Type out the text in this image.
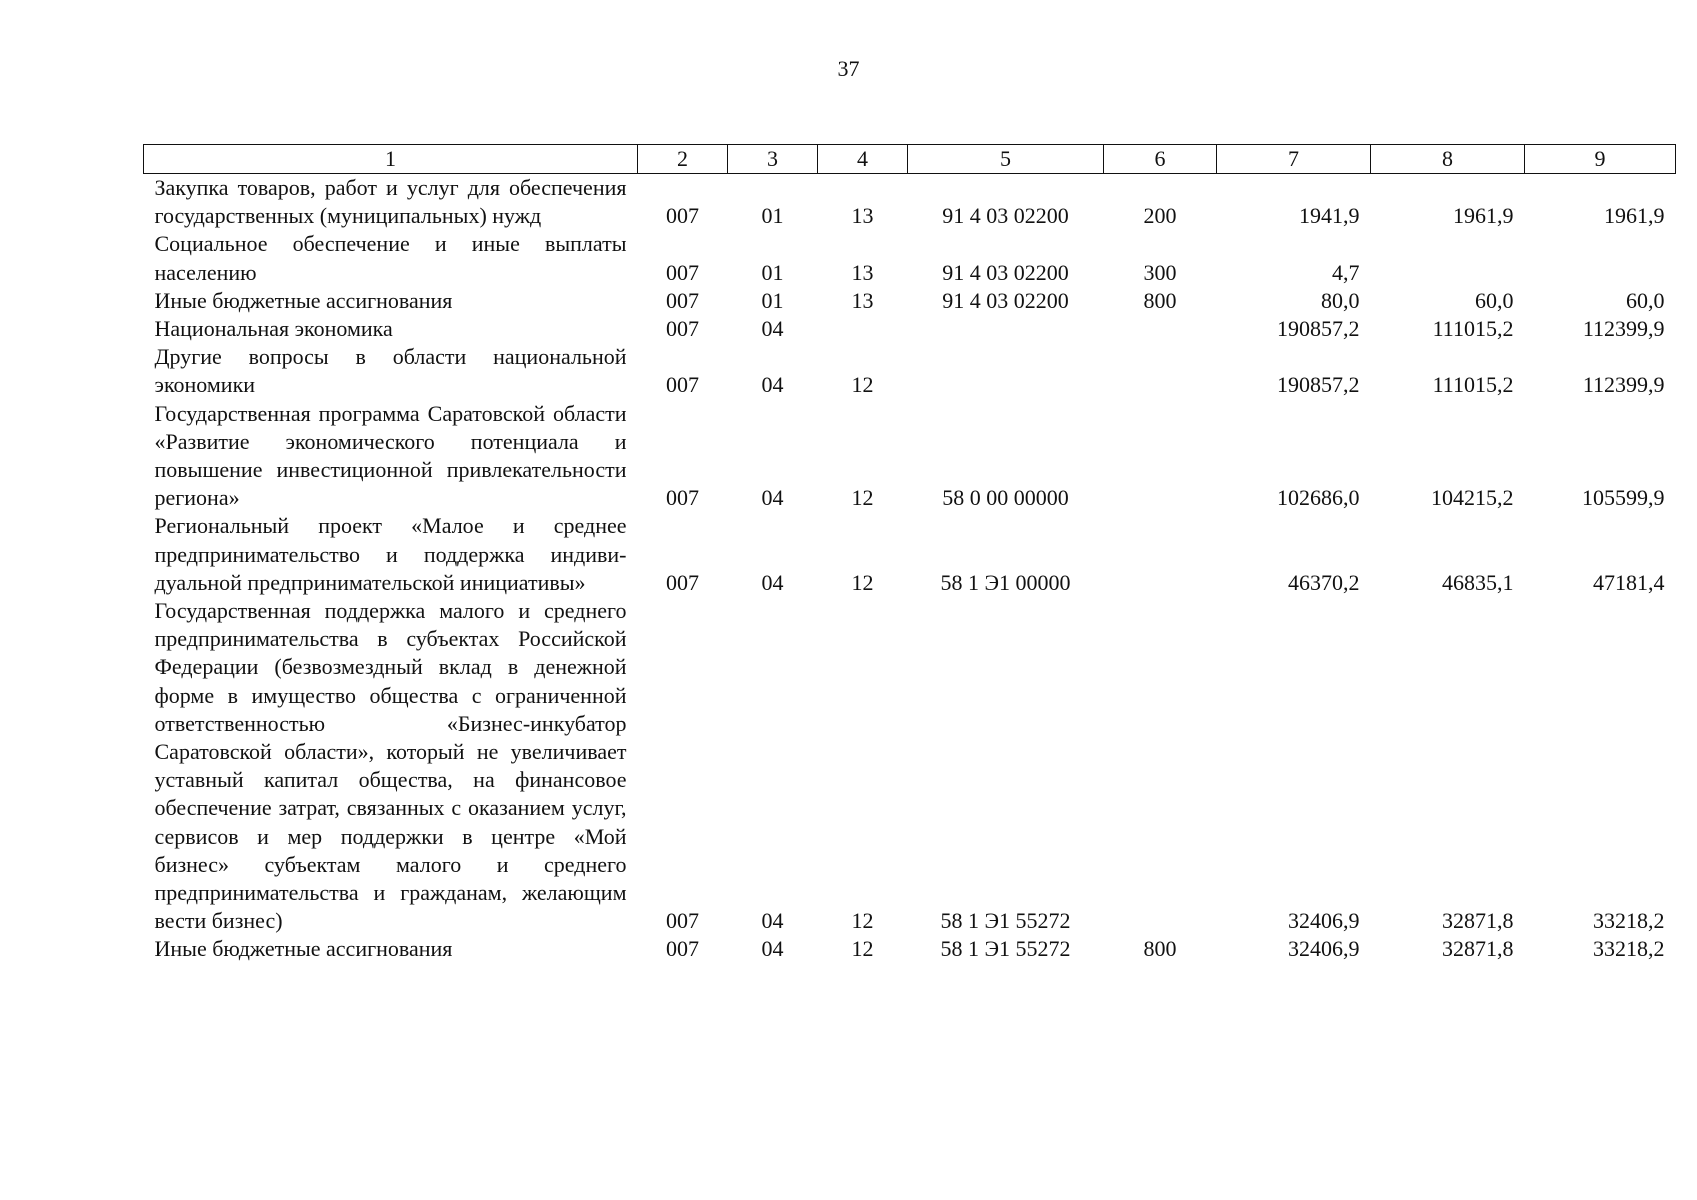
37
1	2	3	4	5	6	7	8	9
Закупка товаров, работ и услуг для обеспечения государственных (муниципальных) нужд	007	01	13	91 4 03 02200	200	1941,9	1961,9	1961,9
Социальное обеспечение и иные выплаты населению	007	01	13	91 4 03 02200	300	4,7		
Иные бюджетные ассигнования	007	01	13	91 4 03 02200	800	80,0	60,0	60,0
Национальная экономика	007	04				190857,2	111015,2	112399,9
Другие вопросы в области национальной экономики	007	04	12			190857,2	111015,2	112399,9
Государственная программа Саратовской области «Развитие экономического потенциала и повышение инвестиционной привлекательности региона»	007	04	12	58 0 00 00000		102686,0	104215,2	105599,9
Региональный проект «Малое и среднее предпринимательство и поддержка индивидуальной предпринимательской инициативы»	007	04	12	58 1 Э1 00000		46370,2	46835,1	47181,4
Государственная поддержка малого и среднего предпринимательства в субъектах Российской Федерации (безвозмездный вклад в денежной форме в имущество общества с ограниченной ответственностью «Бизнес-инкубатор Саратовской области», который не увеличивает уставный капитал общества, на финансовое обеспечение затрат, связанных с оказанием услуг, сервисов и мер поддержки в центре «Мой бизнес» субъектам малого и среднего предпринимательства и гражданам, желающим вести бизнес)	007	04	12	58 1 Э1 55272		32406,9	32871,8	33218,2
Иные бюджетные ассигнования	007	04	12	58 1 Э1 55272	800	32406,9	32871,8	33218,2
